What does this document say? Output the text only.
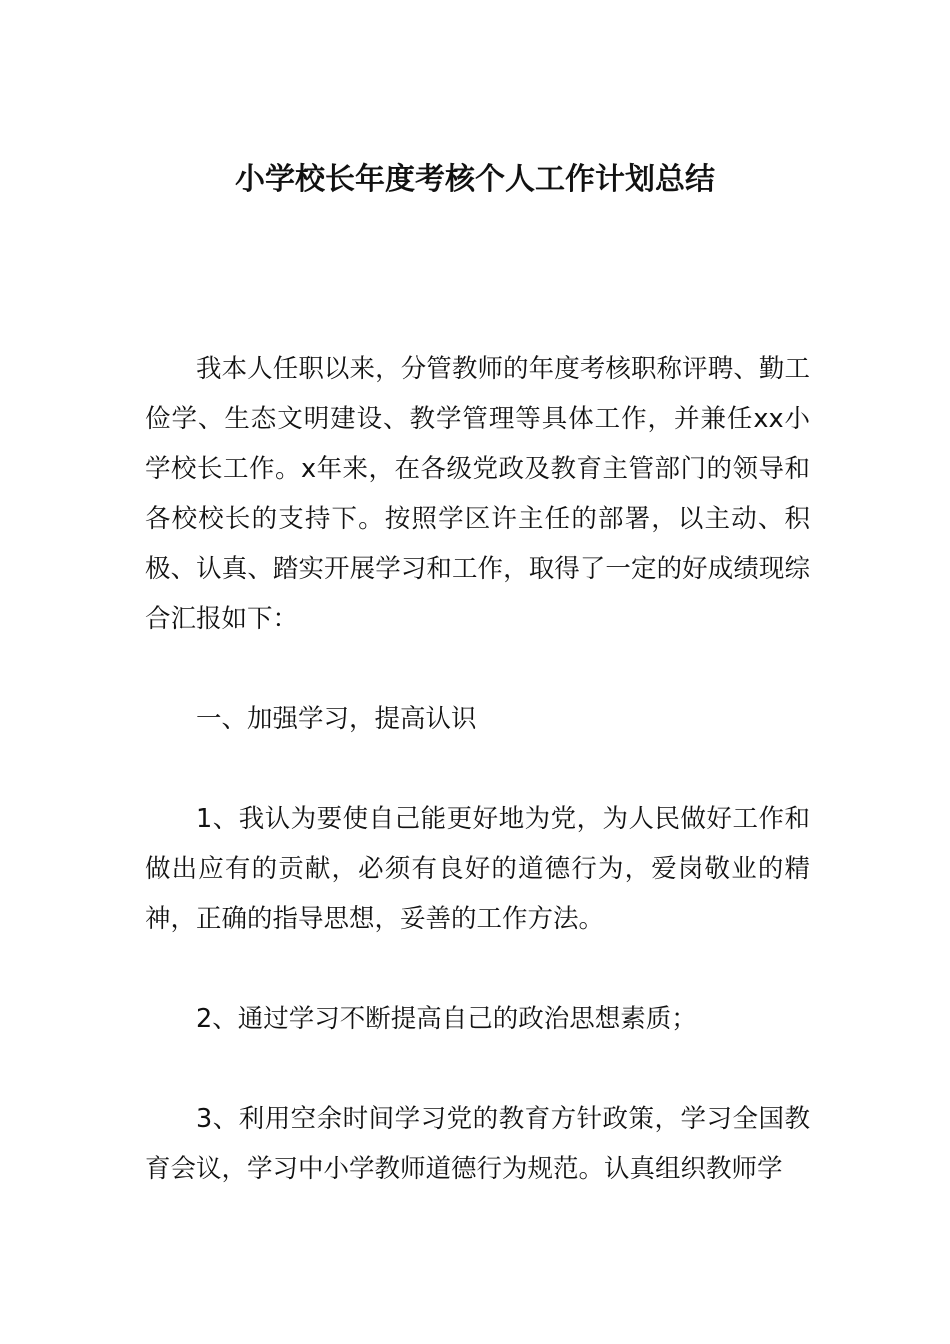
小学校长年度考核个人工作计划总结

我本人任职以来，分管教师的年度考核职称评聘、勤工俭学、生态文明建设、教学管理等具体工作，并兼任xx小学校长工作。x年来，在各级党政及教育主管部门的领导和各校校长的支持下。按照学区许主任的部署，以主动、积极、认真、踏实开展学习和工作，取得了一定的好成绩现综合汇报如下：

一、加强学习，提高认识

1、我认为要使自己能更好地为党，为人民做好工作和做出应有的贡献，必须有良好的道德行为，爱岗敬业的精神，正确的指导思想，妥善的工作方法。

2、通过学习不断提高自己的政治思想素质；

3、利用空余时间学习党的教育方针政策，学习全国教育会议，学习中小学教师道德行为规范。认真组织教师学
